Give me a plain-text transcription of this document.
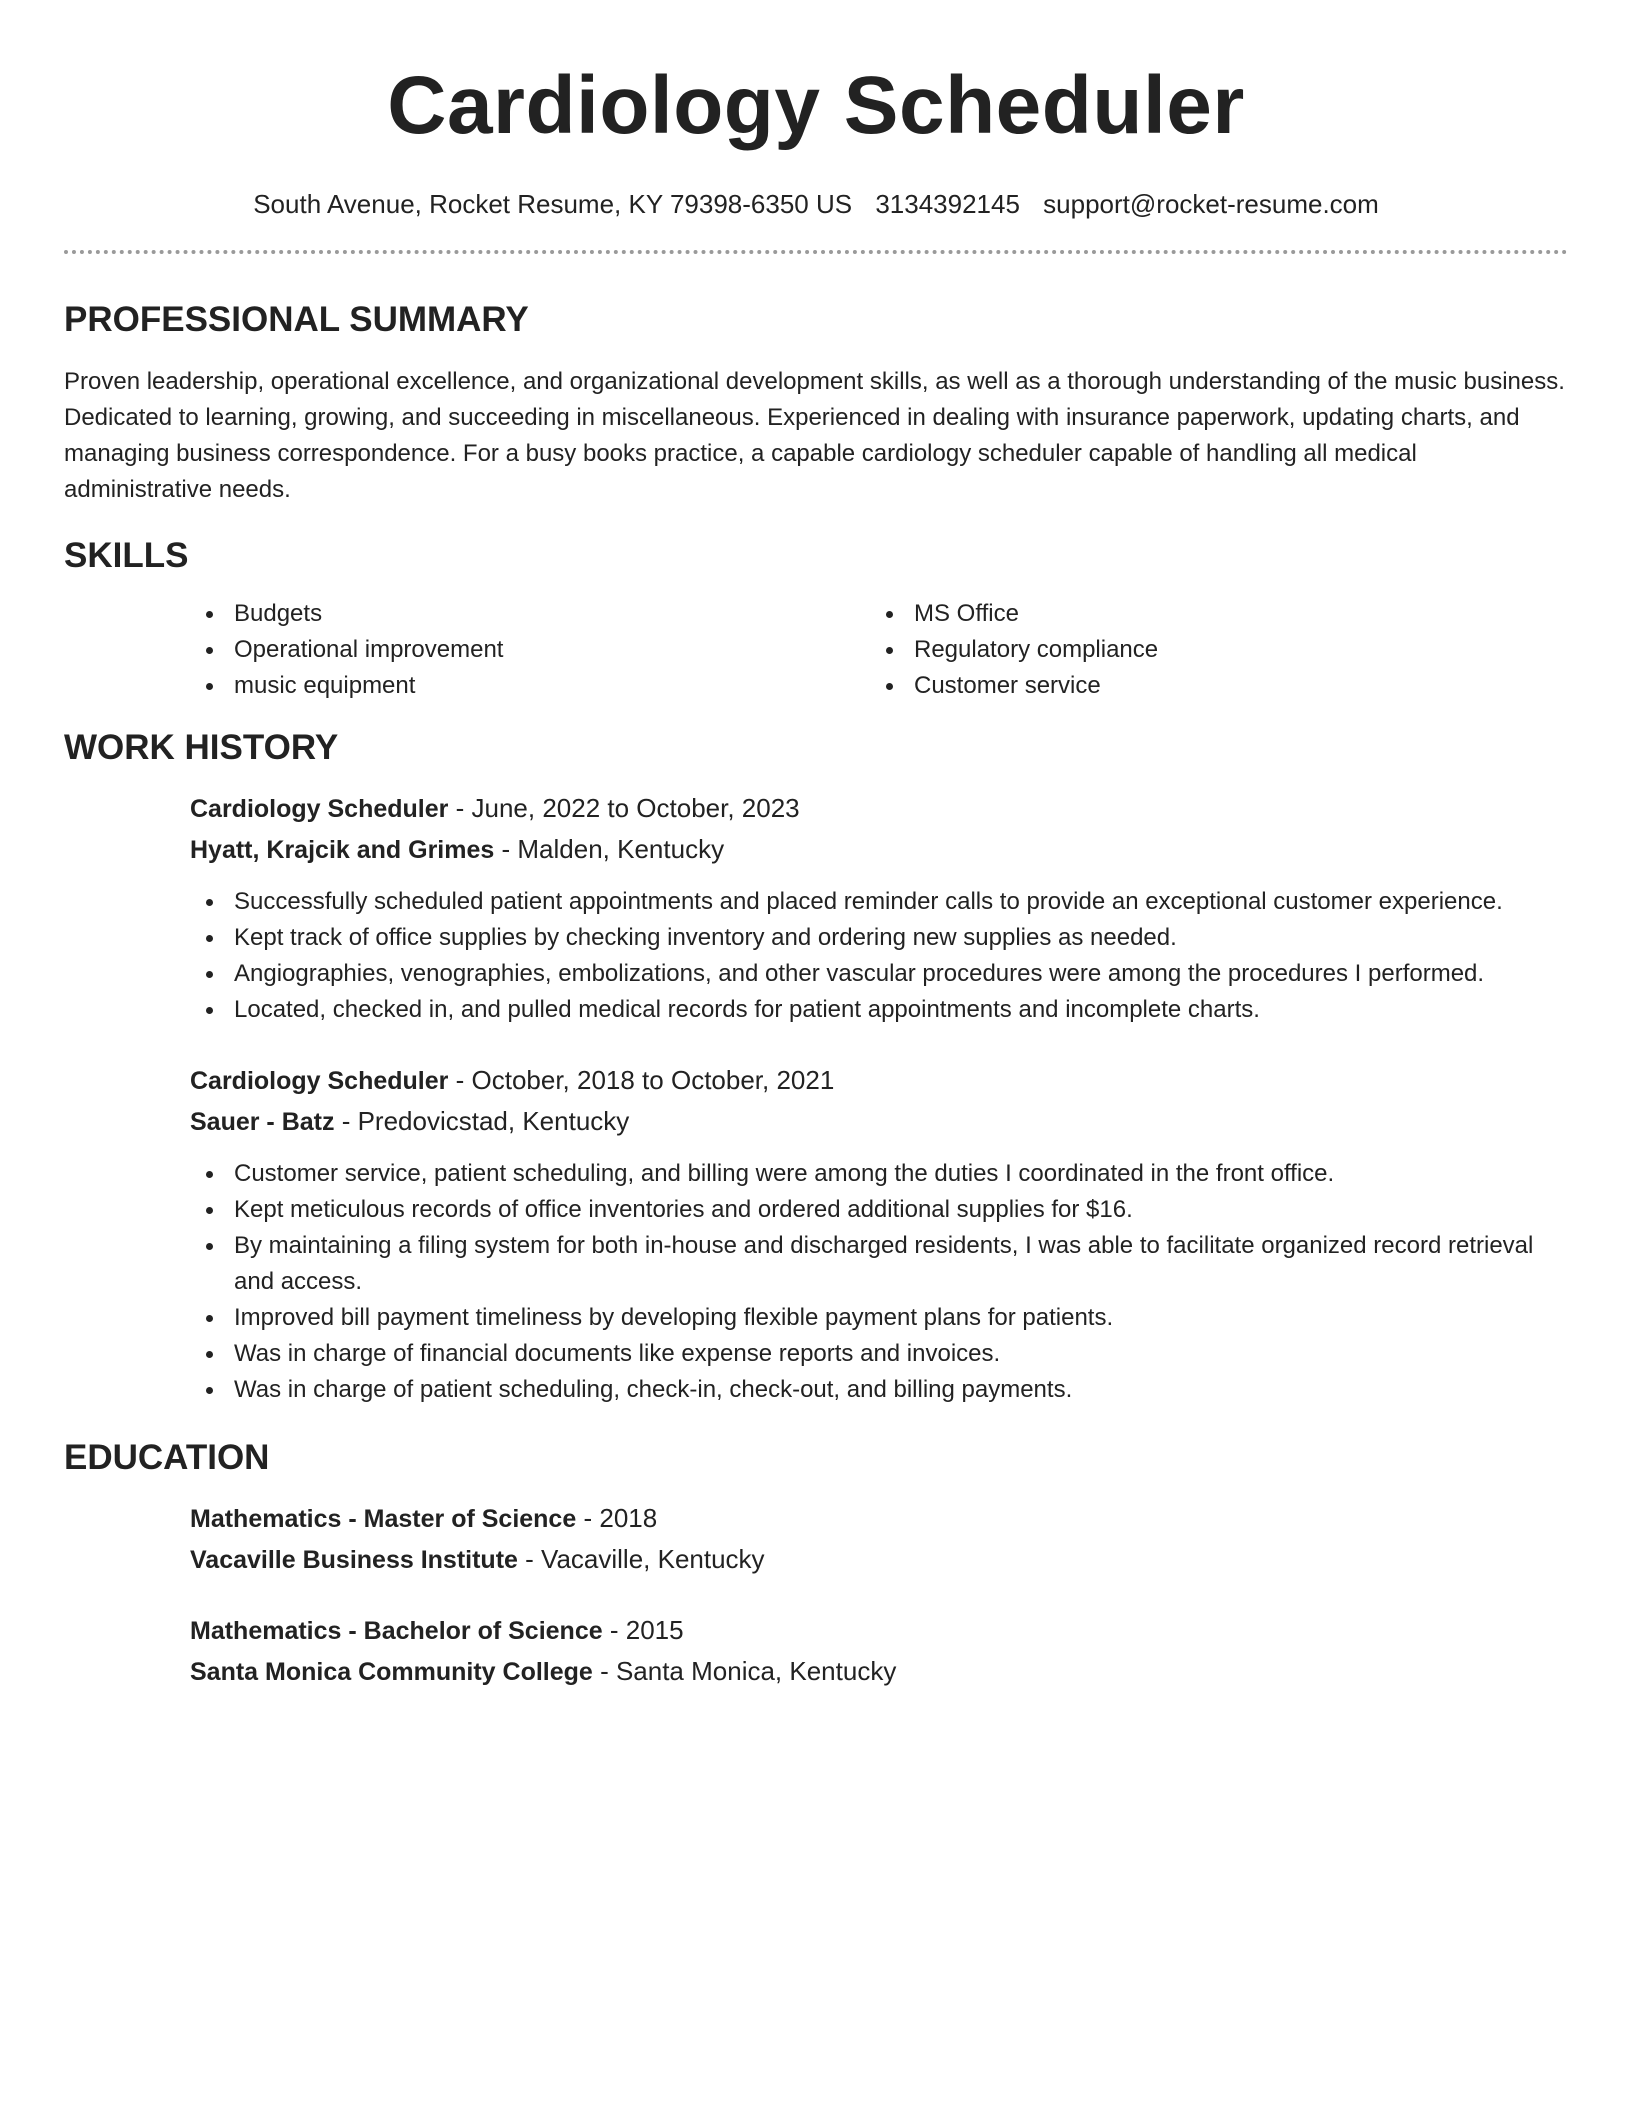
Cardiology Scheduler
South Avenue, Rocket Resume, KY 79398-6350 US 3134392145 support@rocket-resume.com
PROFESSIONAL SUMMARY

Proven leadership, operational excellence, and organizational development skills, as well as a thorough understanding of the music business. Dedicated to learning, growing, and succeeding in miscellaneous. Experienced in dealing with insurance paperwork, updating charts, and managing business correspondence. For a busy books practice, a capable cardiology scheduler capable of handling all medical administrative needs.

SKILLS
Budgets
Operational improvement
music equipment
MS Office
Regulatory compliance
Customer service
WORK HISTORY
Cardiology Scheduler - June, 2022 to October, 2023
Hyatt, Krajcik and Grimes - Malden, Kentucky
Successfully scheduled patient appointments and placed reminder calls to provide an exceptional customer experience.
Kept track of office supplies by checking inventory and ordering new supplies as needed.
Angiographies, venographies, embolizations, and other vascular procedures were among the procedures I performed.
Located, checked in, and pulled medical records for patient appointments and incomplete charts.
Cardiology Scheduler - October, 2018 to October, 2021
Sauer - Batz - Predovicstad, Kentucky
Customer service, patient scheduling, and billing were among the duties I coordinated in the front office.
Kept meticulous records of office inventories and ordered additional supplies for $16.
By maintaining a filing system for both in-house and discharged residents, I was able to facilitate organized record retrieval and access.
Improved bill payment timeliness by developing flexible payment plans for patients.
Was in charge of financial documents like expense reports and invoices.
Was in charge of patient scheduling, check-in, check-out, and billing payments.
EDUCATION
Mathematics - Master of Science - 2018
Vacaville Business Institute - Vacaville, Kentucky
Mathematics - Bachelor of Science - 2015
Santa Monica Community College - Santa Monica, Kentucky
